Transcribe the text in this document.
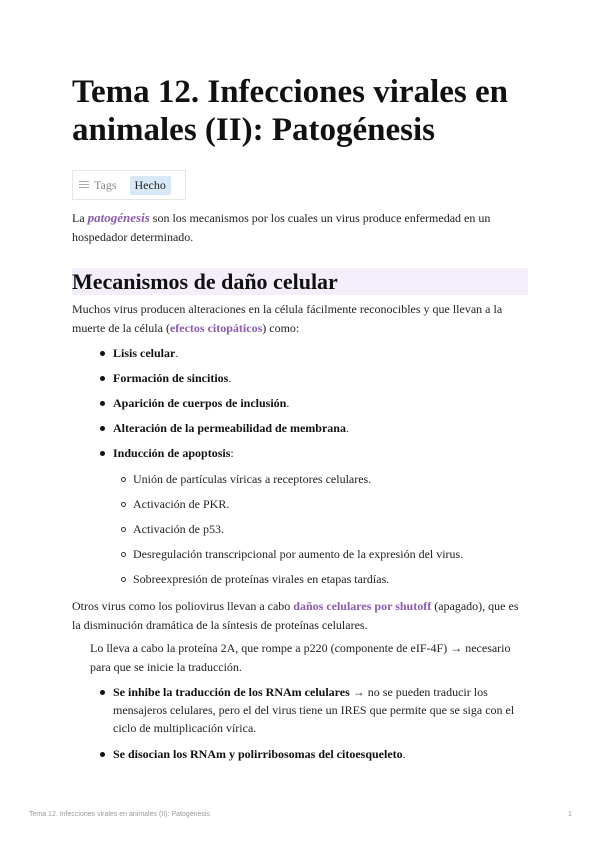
Tema 12. Infecciones virales en animales (II): Patogénesis
Tags	Hecho

La patogénesis son los mecanismos por los cuales un virus produce enfermedad en un
hospedador determinado.

Mecanismos de daño celular

Muchos virus producen alteraciones en la célula fácilmente reconocibles y que llevan a la
muerte de la célula (efectos citopáticos) como:

Lisis celular.
Formación de sincitios.
Aparición de cuerpos de inclusión.
Alteración de la permeabilidad de membrana.
Inducción de apoptosis:
Unión de partículas víricas a receptores celulares.
Activación de PKR.
Activación de p53.
Desregulación transcripcional por aumento de la expresión del virus.
Sobreexpresión de proteínas virales en etapas tardías.

Otros virus como los poliovirus llevan a cabo daños celulares por shutoff (apagado), que es
la disminución dramática de la síntesis de proteínas celulares.

Lo lleva a cabo la proteína 2A, que rompe a p220 (componente de eIF-4F) → necesario
para que se inicie la traducción.

Se inhibe la traducción de los RNAm celulares → no se pueden traducir los
mensajeros celulares, pero el del virus tiene un IRES que permite que se siga con el
ciclo de multiplicación vírica.
Se disocian los RNAm y polirribosomas del citoesqueleto.
Tema 12. Infecciones virales en animales (II): Patogénesis	1
